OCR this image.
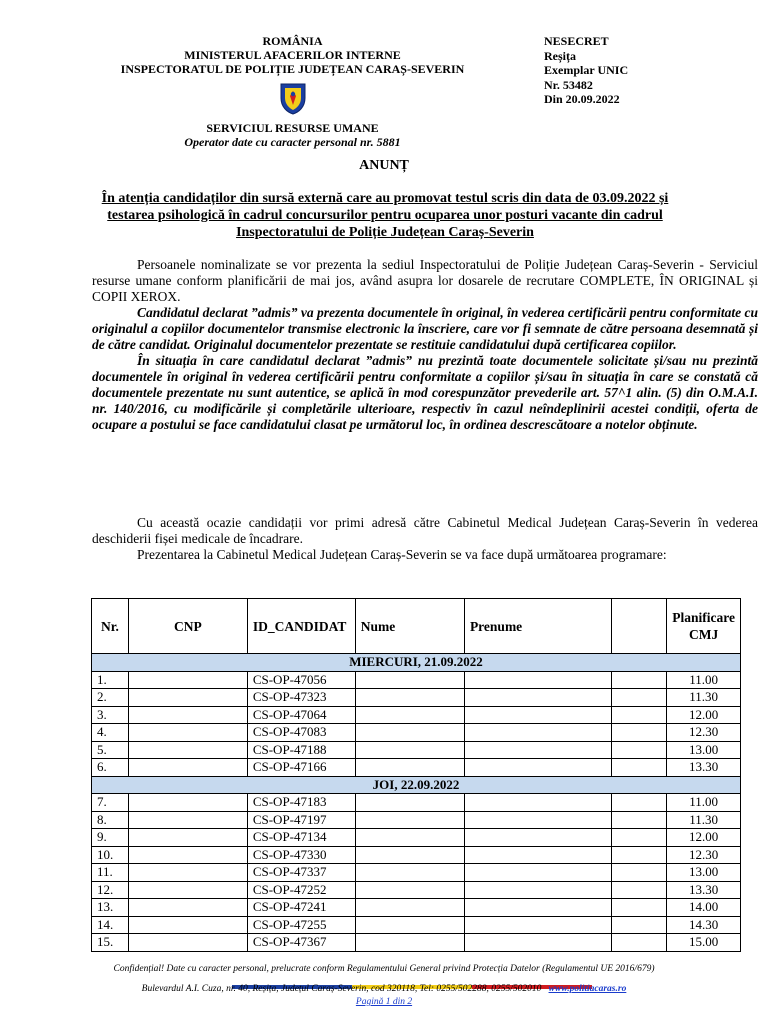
ROMÂNIA
MINISTERUL AFACERILOR INTERNE
INSPECTORATUL DE POLIȚIE JUDEȚEAN CARAȘ-SEVERIN
SERVICIUL RESURSE UMANE
Operator date cu caracter personal nr. 5881
NESECRET
Reșița
Exemplar UNIC
Nr. 53482
Din 20.09.2022
ANUNȚ
În atenția candidaților din sursă externă care au promovat testul scris din data de 03.09.2022 și testarea psihologică în cadrul concursurilor pentru ocuparea unor posturi vacante din cadrul Inspectoratului de Poliție Județean Caraș-Severin

Persoanele nominalizate se vor prezenta la sediul Inspectoratului de Poliție Județean Caraș-Severin - Serviciul resurse umane conform planificării de mai jos, având asupra lor dosarele de recrutare COMPLETE, ÎN ORIGINAL și COPII XEROX.

Candidatul declarat ”admis” va prezenta documentele în original, în vederea certificării pentru conformitate cu originalul a copiilor documentelor transmise electronic la înscriere, care vor fi semnate de către persoana desemnată și de către candidat. Originalul documentelor prezentate se restituie candidatului după certificarea copiilor.

În situația în care candidatul declarat ”admis” nu prezintă toate documentele solicitate și/sau nu prezintă documentele în original în vederea certificării pentru conformitate a copiilor și/sau în situația în care se constată că documentele prezentate nu sunt autentice, se aplică în mod corespunzător prevederile art. 57^1 alin. (5) din O.M.A.I. nr. 140/2016, cu modificările și completările ulterioare, respectiv în cazul neîndeplinirii acestei condiții, oferta de ocupare a postului se face candidatului clasat pe următorul loc, în ordinea descrescătoare a notelor obținute.

Cu această ocazie candidații vor primi adresă către Cabinetul Medical Județean Caraș-Severin în vederea deschiderii fișei medicale de încadrare.

Prezentarea la Cabinetul Medical Județean Caraș-Severin se va face după următoarea programare:

Nr.	CNP	ID_CANDIDAT	Nume	Prenume		Planificare CMJ
MIERCURI, 21.09.2022						
1.		CS-OP-47056				11.00
2.		CS-OP-47323				11.30
3.		CS-OP-47064				12.00
4.		CS-OP-47083				12.30
5.		CS-OP-47188				13.00
6.		CS-OP-47166				13.30
JOI, 22.09.2022						
7.		CS-OP-47183				11.00
8.		CS-OP-47197				11.30
9.		CS-OP-47134				12.00
10.		CS-OP-47330				12.30
11.		CS-OP-47337				13.00
12.		CS-OP-47252				13.30
13.		CS-OP-47241				14.00
14.		CS-OP-47255				14.30
15.		CS-OP-47367				15.00
Confidențial! Date cu caracter personal, prelucrate conform Regulamentului General privind Protecția Datelor (Regulamentul UE 2016/679)
Bulevardul A.I. Cuza, nr. 40, Reșița, Județul Caraș-Severin, cod 320118, Tel: 0255/502288, 0255/502010 www.politiacaras.ro
Pagină 1 din 2
